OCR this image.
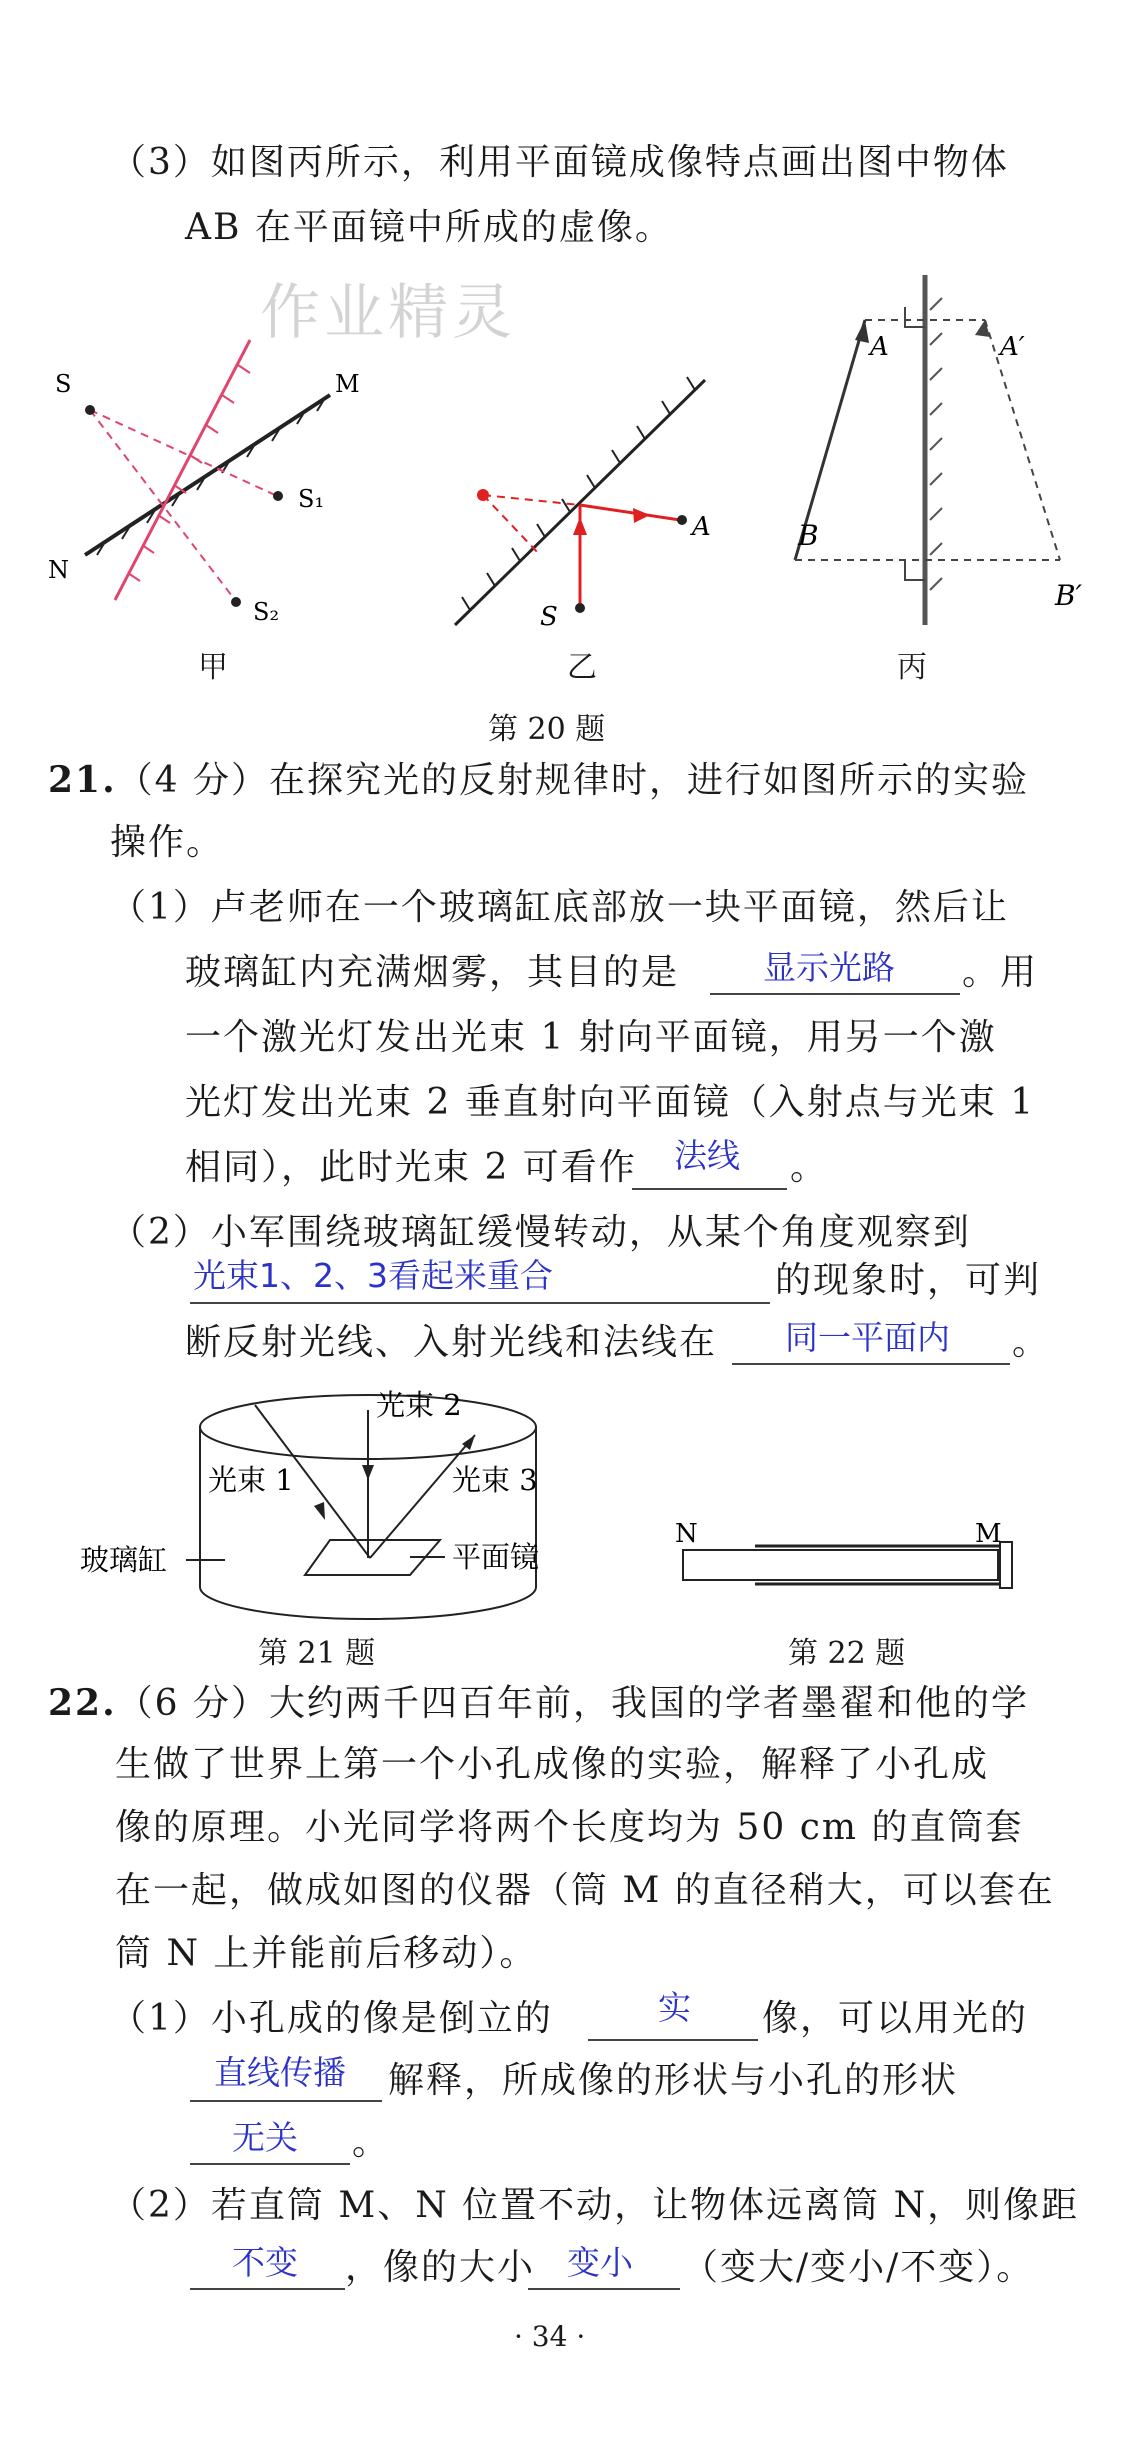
（3）如图丙所示，利用平面镜成像特点画出图中物体
AB 在平面镜中所成的虚像。
作业精灵
S	M
N
S₁
S₂
A
S
A	A′
B
B′
甲	乙	丙
第 20 题
21.（4 分）在探究光的反射规律时，进行如图所示的实验
操作。
（1）卢老师在一个玻璃缸底部放一块平面镜，然后让
玻璃缸内充满烟雾，其目的是	显示光路 。用
一个激光灯发出光束 1 射向平面镜，用另一个激
光灯发出光束 2 垂直射向平面镜（入射点与光束 1
相同），此时光束 2 可看作 法线 。
（2）小军围绕玻璃缸缓慢转动，从某个角度观察到
光束1、2、3看起来重合	的现象时，可判
断反射光线、入射光线和法线在 同一平面内 。
光束 2
光束 1	光束 3
玻璃缸	平面镜
N	M
第 21 题	第 22 题
22.（6 分）大约两千四百年前，我国的学者墨翟和他的学
生做了世界上第一个小孔成像的实验，解释了小孔成
像的原理。小光同学将两个长度均为 50 cm 的直筒套
在一起，做成如图的仪器（筒 M 的直径稍大，可以套在
筒 N 上并能前后移动）。
（1）小孔成的像是倒立的	实 像，可以用光的
直线传播 解释，所成像的形状与小孔的形状
无关 。
（2）若直筒 M、N 位置不动，让物体远离筒 N，则像距
不变 ，像的大小 变小 （变大/变小/不变）。
· 34 ·
